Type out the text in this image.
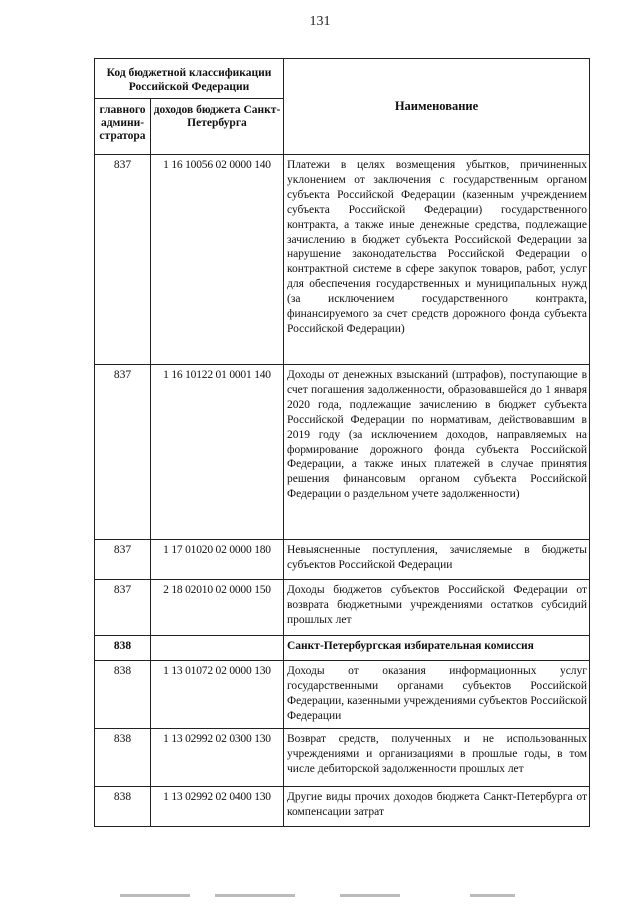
131
Код бюджетной классификации Российской Федерации		Наименование
главного админи-стратора	доходов бюджета Санкт-Петербурга	
837	1 16 10056 02 0000 140	Платежи в целях возмещения убытков, причиненных уклонением от заключения с государственным органом субъекта Российской Федерации (казенным учреждением субъекта Российской Федерации) государственного контракта, а также иные денежные средства, подлежащие зачислению в бюджет субъекта Российской Федерации за нарушение законодательства Российской Федерации о контрактной системе в сфере закупок товаров, работ, услуг для обеспечения государственных и муниципальных нужд (за исключением государственного контракта, финансируемого за счет средств дорожного фонда субъекта Российской Федерации)
837	1 16 10122 01 0001 140	Доходы от денежных взысканий (штрафов), поступающие в счет погашения задолженности, образовавшейся до 1 января 2020 года, подлежащие зачислению в бюджет субъекта Российской Федерации по нормативам, действовавшим в 2019 году (за исключением доходов, направляемых на формирование дорожного фонда субъекта Российской Федерации, а также иных платежей в случае принятия решения финансовым органом субъекта Российской Федерации о раздельном учете задолженности)
837	1 17 01020 02 0000 180	Невыясненные поступления, зачисляемые в бюджеты субъектов Российской Федерации
837	2 18 02010 02 0000 150	Доходы бюджетов субъектов Российской Федерации от возврата бюджетными учреждениями остатков субсидий прошлых лет
838		Санкт-Петербургская избирательная комиссия
838	1 13 01072 02 0000 130	Доходы от оказания информационных услуг государственными органами субъектов Российской Федерации, казенными учреждениями субъектов Российской Федерации
838	1 13 02992 02 0300 130	Возврат средств, полученных и не использованных учреждениями и организациями в прошлые годы, в том числе дебиторской задолженности прошлых лет
838	1 13 02992 02 0400 130	Другие виды прочих доходов бюджета Санкт-Петербурга от компенсации затрат
